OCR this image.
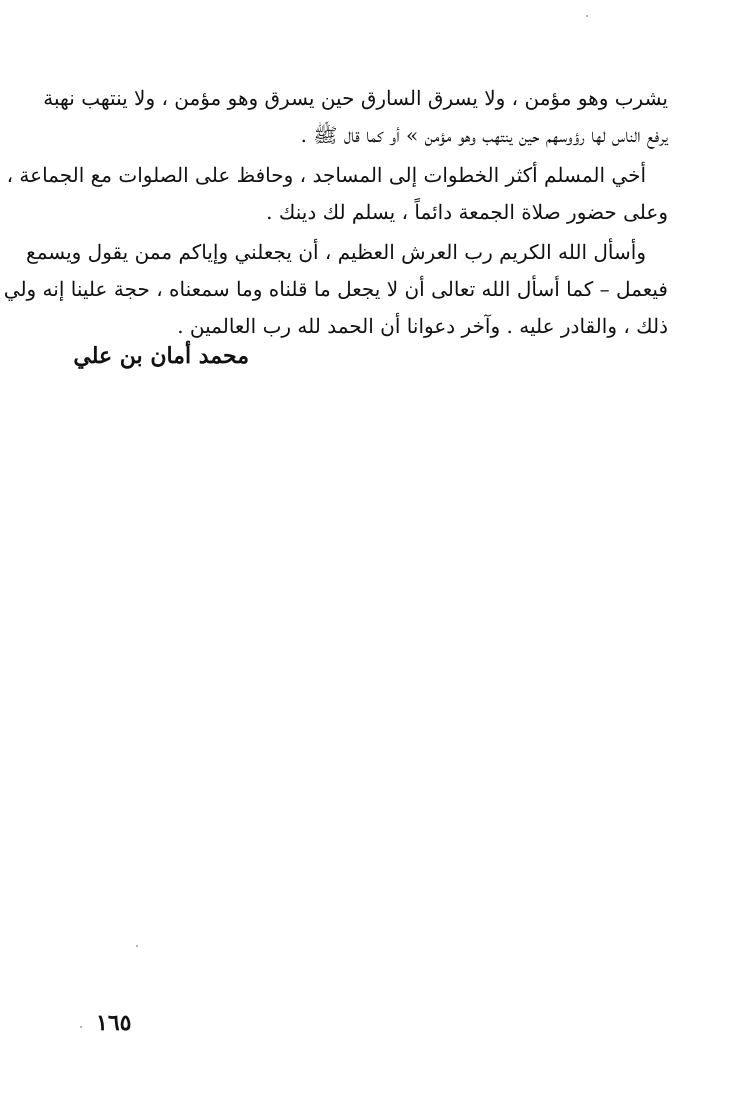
يشرب وهو مؤمن ، ولا يسرق السارق حين يسرق وهو مؤمن ، ولا ينتهب نهبة
يرفع الناس لها رؤوسهم حين ينتهب وهو مؤمن » أو كما قال ﷺ .
أخي المسلم أكثر الخطوات إلى المساجد ، وحافظ على الصلوات مع الجماعة ،
وعلى حضور صلاة الجمعة دائماً ، يسلم لك دينك .
وأسأل الله الكريم رب العرش العظيم ، أن يجعلني وإياكم ممن يقول ويسمع
فيعمل – كما أسأل الله تعالى أن لا يجعل ما قلناه وما سمعناه ، حجة علينا إنه ولي
ذلك ، والقادر عليه . وآخر دعوانا أن الحمد لله رب العالمين .
محمد أمان بن علي
١٦٥
